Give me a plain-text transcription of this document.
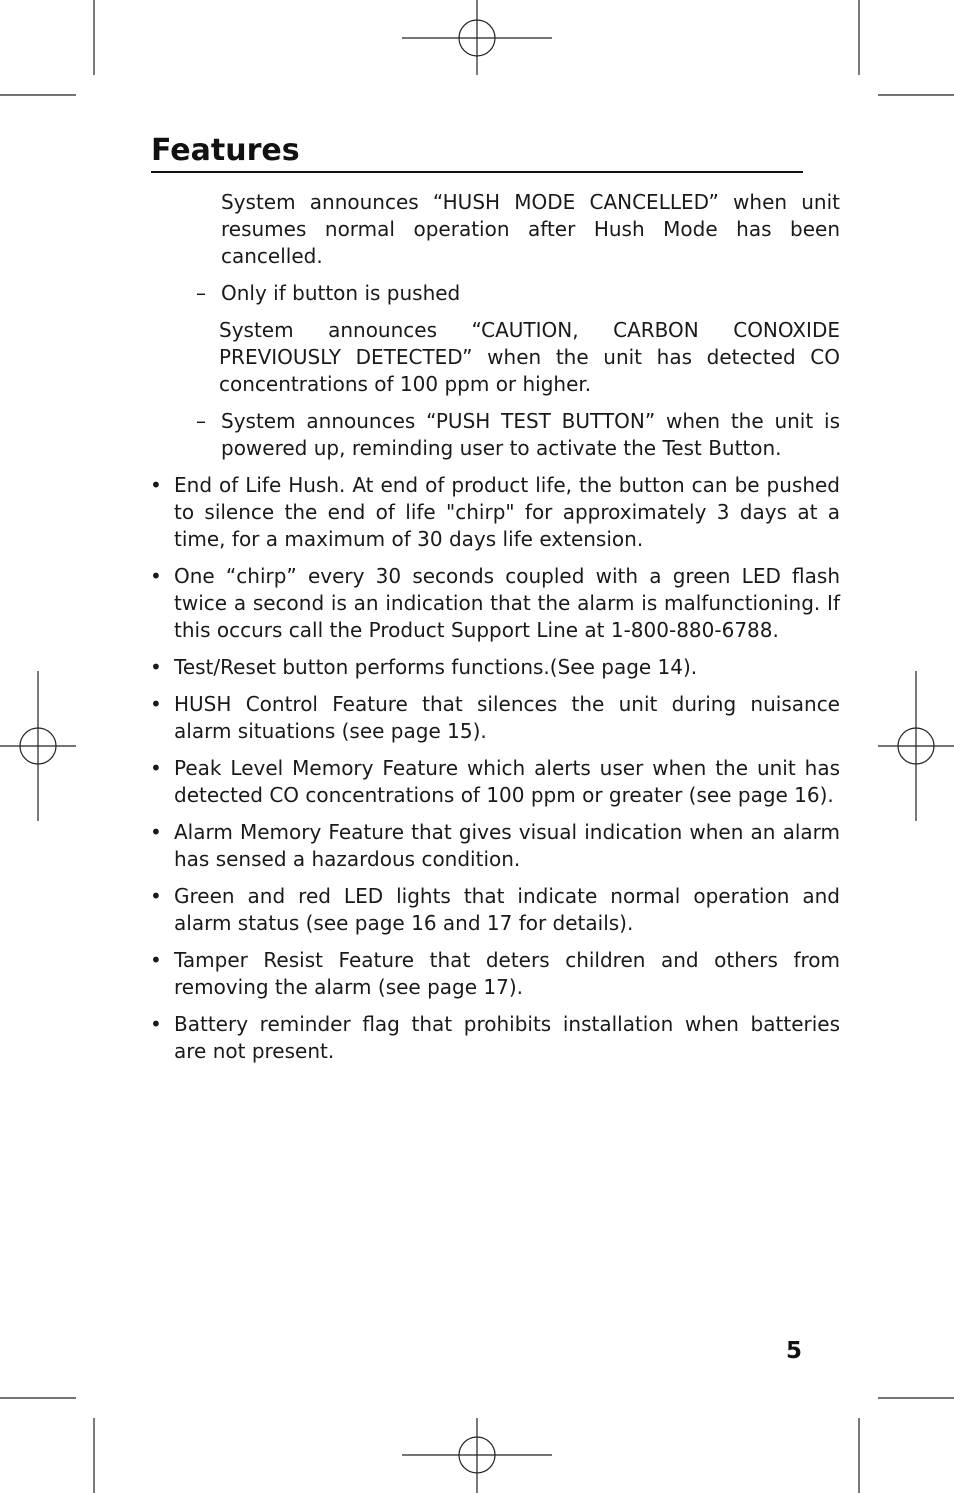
Features
System announces “HUSH MODE CANCELLED” when unit resumes normal operation after Hush Mode has been cancelled.
– Only if button is pushed
System announces “CAUTION, CARBON CONOXIDE PREVIOUSLY DETECTED” when the unit has detected CO concentrations of 100 ppm or higher.
– System announces “PUSH TEST BUTTON” when the unit is powered up, reminding user to activate the Test Button.
• End of Life Hush. At end of product life, the button can be pushed to silence the end of life "chirp" for approximately 3 days at a time, for a maximum of 30 days life extension.
• One “chirp” every 30 seconds coupled with a green LED flash twice a second is an indication that the alarm is malfunctioning. If this occurs call the Product Support Line at 1-800-880-6788.
• Test/Reset button performs functions.(See page 14).
• HUSH Control Feature that silences the unit during nuisance alarm situations (see page 15).
• Peak Level Memory Feature which alerts user when the unit has detected CO concentrations of 100 ppm or greater (see page 16).
• Alarm Memory Feature that gives visual indication when an alarm has sensed a hazardous condition.
• Green and red LED lights that indicate normal operation and alarm status (see page 16 and 17 for details).
• Tamper Resist Feature that deters children and others from removing the alarm (see page 17).
• Battery reminder flag that prohibits installation when batteries are not present.
5
